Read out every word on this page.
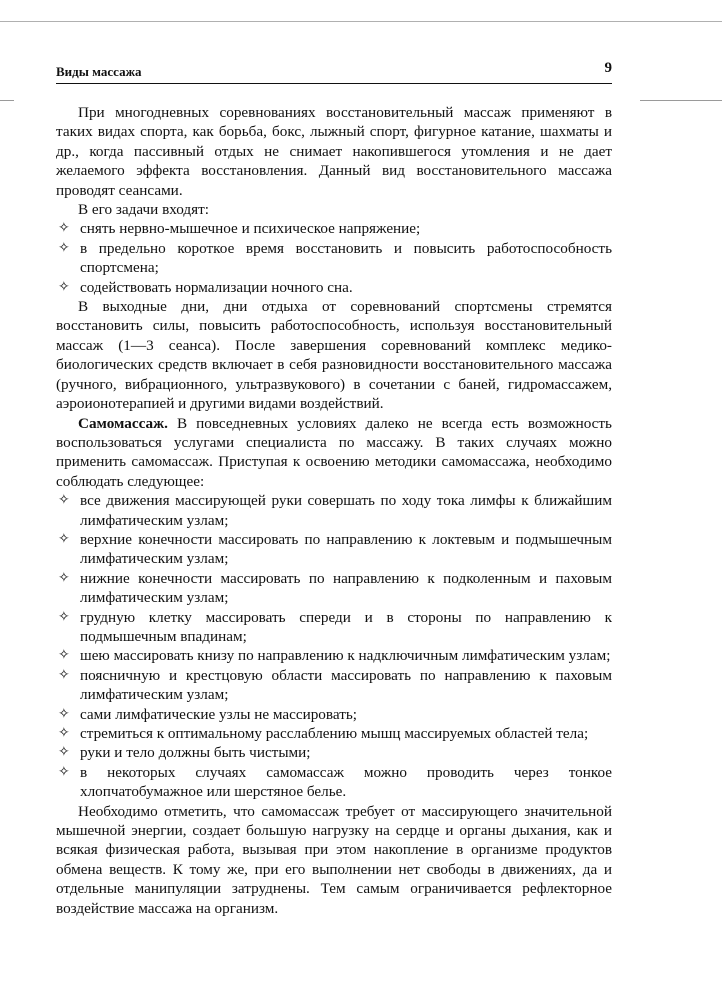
Виды массажа	9

При многодневных соревнованиях восстановительный массаж применяют в таких видах спорта, как борьба, бокс, лыжный спорт, фигурное катание, шахматы и др., когда пассивный отдых не снимает накопившегося утомления и не дает желаемого эффекта восстановления. Данный вид восстановительного массажа проводят сеансами.

В его задачи входят:

✧ снять нервно-мышечное и психическое напряжение;
✧ в предельно короткое время восстановить и повысить работоспособность спортсмена;
✧ содействовать нормализации ночного сна.

В выходные дни, дни отдыха от соревнований спортсмены стремятся восстановить силы, повысить работоспособность, используя восстановительный массаж (1—3 сеанса). После завершения соревнований комплекс медико-биологических средств включает в себя разновидности восстановительного массажа (ручного, вибрационного, ультразвукового) в сочетании с баней, гидромассажем, аэроионотерапией и другими видами воздействий.

Самомассаж. В повседневных условиях далеко не всегда есть возможность воспользоваться услугами специалиста по массажу. В таких случаях можно применить самомассаж. Приступая к освоению методики самомассажа, необходимо соблюдать следующее:

✧ все движения массирующей руки совершать по ходу тока лимфы к ближайшим лимфатическим узлам;
✧ верхние конечности массировать по направлению к локтевым и подмышечным лимфатическим узлам;
✧ нижние конечности массировать по направлению к подколенным и паховым лимфатическим узлам;
✧ грудную клетку массировать спереди и в стороны по направлению к подмышечным впадинам;
✧ шею массировать книзу по направлению к надключичным лимфатическим узлам;
✧ поясничную и крестцовую области массировать по направлению к паховым лимфатическим узлам;
✧ сами лимфатические узлы не массировать;
✧ стремиться к оптимальному расслаблению мышц массируемых областей тела;
✧ руки и тело должны быть чистыми;
✧ в некоторых случаях самомассаж можно проводить через тонкое хлопчатобумажное или шерстяное белье.

Необходимо отметить, что самомассаж требует от массирующего значительной мышечной энергии, создает большую нагрузку на сердце и органы дыхания, как и всякая физическая работа, вызывая при этом накопление в организме продуктов обмена веществ. К тому же, при его выполнении нет свободы в движениях, да и отдельные манипуляции затруднены. Тем самым ограничивается рефлекторное воздействие массажа на организм.
